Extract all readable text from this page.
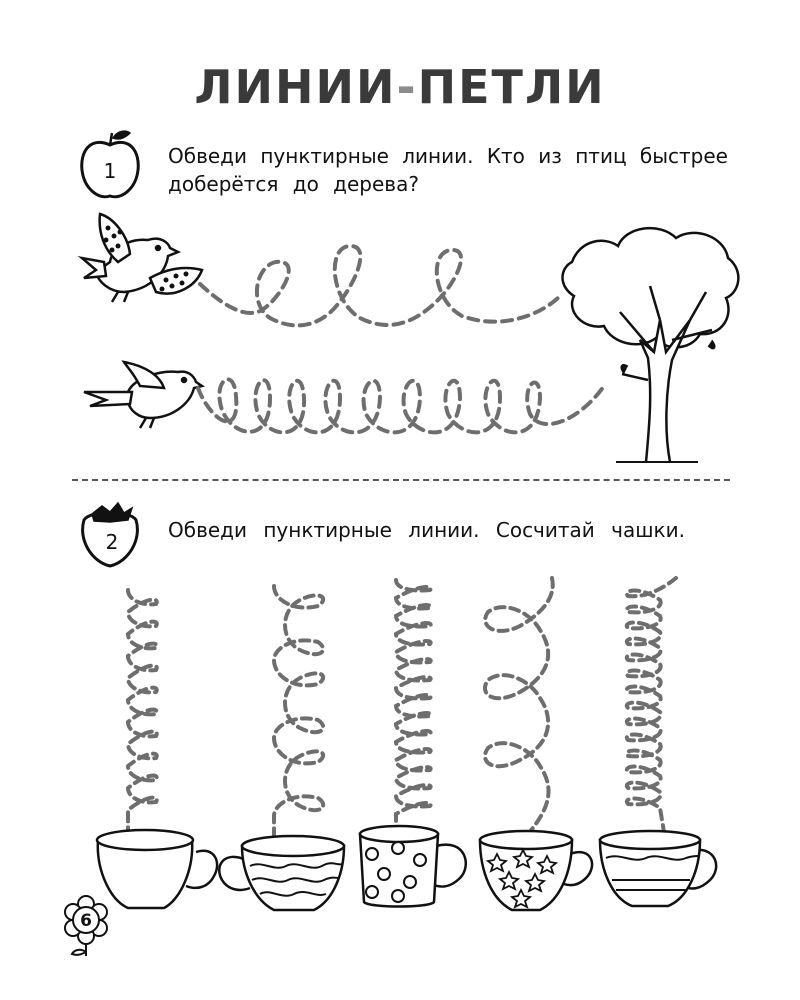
ЛИНИИ-ПЕТЛИ
Обведи пунктирные линии. Кто из птиц быстрее
доберётся до дерева?
Обведи пунктирные линии. Сосчитай чашки.
1
2
6
